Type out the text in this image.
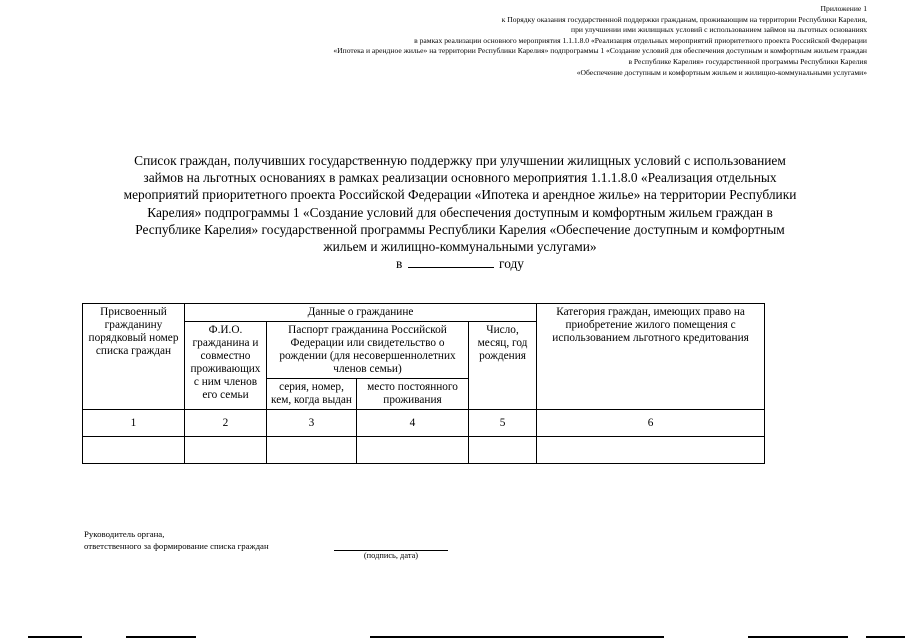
Приложение 1
к Порядку оказания государственной поддержки гражданам, проживающим на территории Республики Карелия,
при улучшении ими жилищных условий с использованием займов на льготных основаниях
в рамках реализации основного мероприятия 1.1.1.8.0 «Реализация отдельных мероприятий приоритетного проекта Российской Федерации
«Ипотека и арендное жилье» на территории Республики Карелия» подпрограммы 1 «Создание условий для обеспечения доступным и комфортным жильем граждан
в Республике Карелия» государственной программы Республики Карелия
«Обеспечение доступным и комфортным жильем и жилищно-коммунальными услугами»
Список граждан, получивших государственную поддержку при улучшении жилищных условий с использованием
займов на льготных основаниях в рамках реализации основного мероприятия 1.1.1.8.0 «Реализация отдельных
мероприятий приоритетного проекта Российской Федерации «Ипотека и арендное жилье» на территории Республики
Карелия» подпрограммы 1 «Создание условий для обеспечения доступным и комфортным жильем граждан в
Республике Карелия» государственной программы Республики Карелия «Обеспечение доступным и комфортным
жильем и жилищно-коммунальными услугами»
в	году
Присвоенный гражданину порядковый номер списка граждан	Данные о гражданине				Категория граждан, имеющих право на приобретение жилого помещения с использованием льготного кредитования
	Ф.И.О. гражданина и совместно проживающих с ним членов его семьи	Паспорт гражданина Российской Федерации или свидетельство о рождении (для несовершеннолетних членов семьи)		Число, месяц, год рождения	
		серия, номер, кем, когда выдан	место постоянного проживания		
1	2	3	4	5	6

Руководитель органа,
ответственного за формирование списка граждан
(подпись, дата)
